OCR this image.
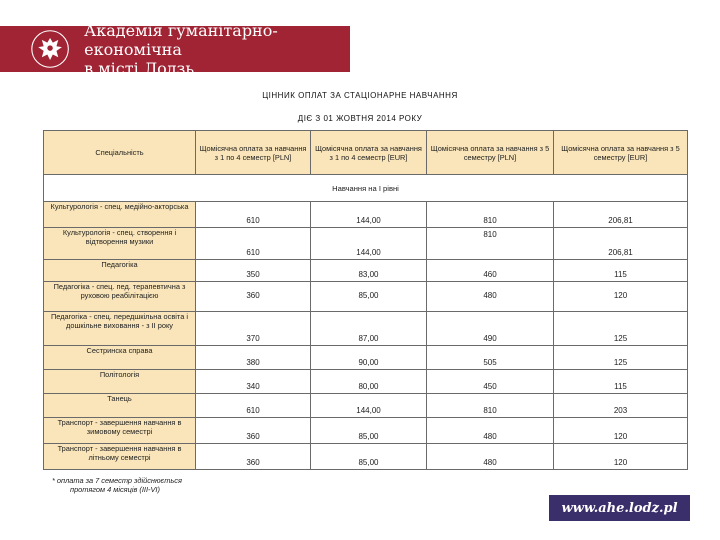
Академія гуманітарно-економічна
в місті Лодзь
ЦІННИК ОПЛАТ ЗА СТАЦІОНАРНЕ НАВЧАННЯ
ДІЄ З 01 ЖОВТНЯ 2014 РОКУ
Спеціальність	Щомісячна оплата за навчання з 1 по 4 семестр [PLN]	Щомісячна оплата за навчання з 1 по 4 семестр [EUR]	Щомісячна оплата за навчання з 5 семестру [PLN]	Щомісячна оплата за навчання з 5 семестру [EUR]
Навчання на І рівні				
Культурологія - спец. медійно-акторська	610	144,00	810	206,81
Культурологія - спец. створення і відтворення музики	610	144,00	810	206,81
Педагогіка	350	83,00	460	115
Педагогіка - спец. пед. терапевтична з руховою реабілітацією	360	85,00	480	120
Педагогіка - спец. передшкільна освіта і дошкільне виховання - з ІІ року	370	87,00	490	125
Сестринска справа	380	90,00	505	125
Політологія	340	80,00	450	115
Танець	610	144,00	810	203
Транспорт - завершення навчання в зимовому семестрі	360	85,00	480	120
Транспорт - завершення навчання в літньому семестрі	360	85,00	480	120
* оплата за 7 семестр здійснюється
протягом 4 місяців (ІІІ-VІ)
www.ahe.lodz.pl
